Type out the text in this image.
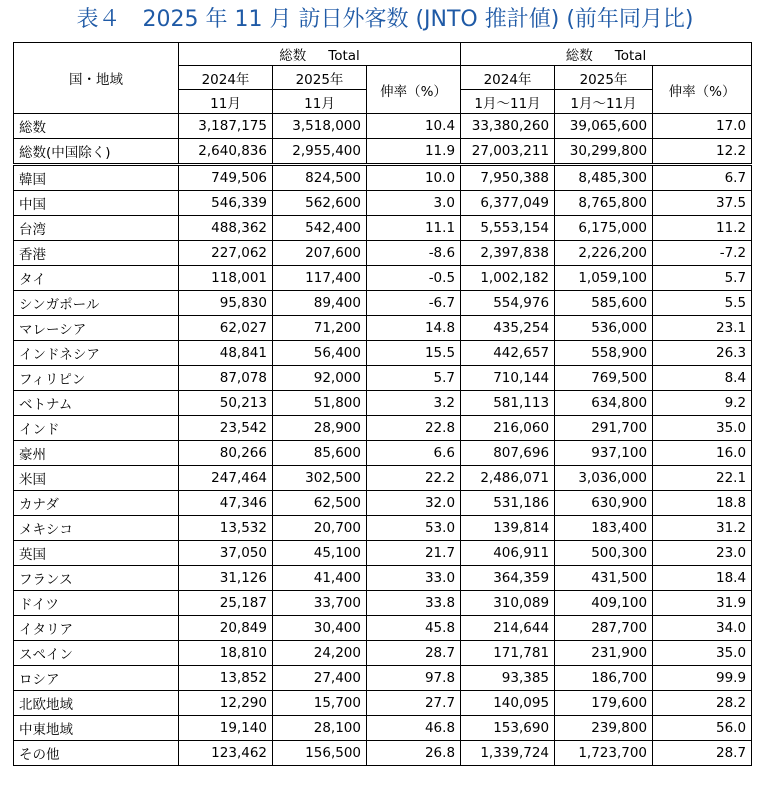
表４　2025 年 11 月 訪日外客数 (JNTO 推計値) (前年同月比)
国・地域	総数 Total			総数 Total		
	2024年	2025年	伸率（%）	2024年	2025年	伸率（%）
	11月	11月		1月～11月	1月～11月	
総数	3,187,175	3,518,000	10.4	33,380,260	39,065,600	17.0
総数(中国除く)	2,640,836	2,955,400	11.9	27,003,211	30,299,800	12.2
韓国	749,506	824,500	10.0	7,950,388	8,485,300	6.7
中国	546,339	562,600	3.0	6,377,049	8,765,800	37.5
台湾	488,362	542,400	11.1	5,553,154	6,175,000	11.2
香港	227,062	207,600	-8.6	2,397,838	2,226,200	-7.2
タイ	118,001	117,400	-0.5	1,002,182	1,059,100	5.7
シンガポール	95,830	89,400	-6.7	554,976	585,600	5.5
マレーシア	62,027	71,200	14.8	435,254	536,000	23.1
インドネシア	48,841	56,400	15.5	442,657	558,900	26.3
フィリピン	87,078	92,000	5.7	710,144	769,500	8.4
ベトナム	50,213	51,800	3.2	581,113	634,800	9.2
インド	23,542	28,900	22.8	216,060	291,700	35.0
豪州	80,266	85,600	6.6	807,696	937,100	16.0
米国	247,464	302,500	22.2	2,486,071	3,036,000	22.1
カナダ	47,346	62,500	32.0	531,186	630,900	18.8
メキシコ	13,532	20,700	53.0	139,814	183,400	31.2
英国	37,050	45,100	21.7	406,911	500,300	23.0
フランス	31,126	41,400	33.0	364,359	431,500	18.4
ドイツ	25,187	33,700	33.8	310,089	409,100	31.9
イタリア	20,849	30,400	45.8	214,644	287,700	34.0
スペイン	18,810	24,200	28.7	171,781	231,900	35.0
ロシア	13,852	27,400	97.8	93,385	186,700	99.9
北欧地域	12,290	15,700	27.7	140,095	179,600	28.2
中東地域	19,140	28,100	46.8	153,690	239,800	56.0
その他	123,462	156,500	26.8	1,339,724	1,723,700	28.7
